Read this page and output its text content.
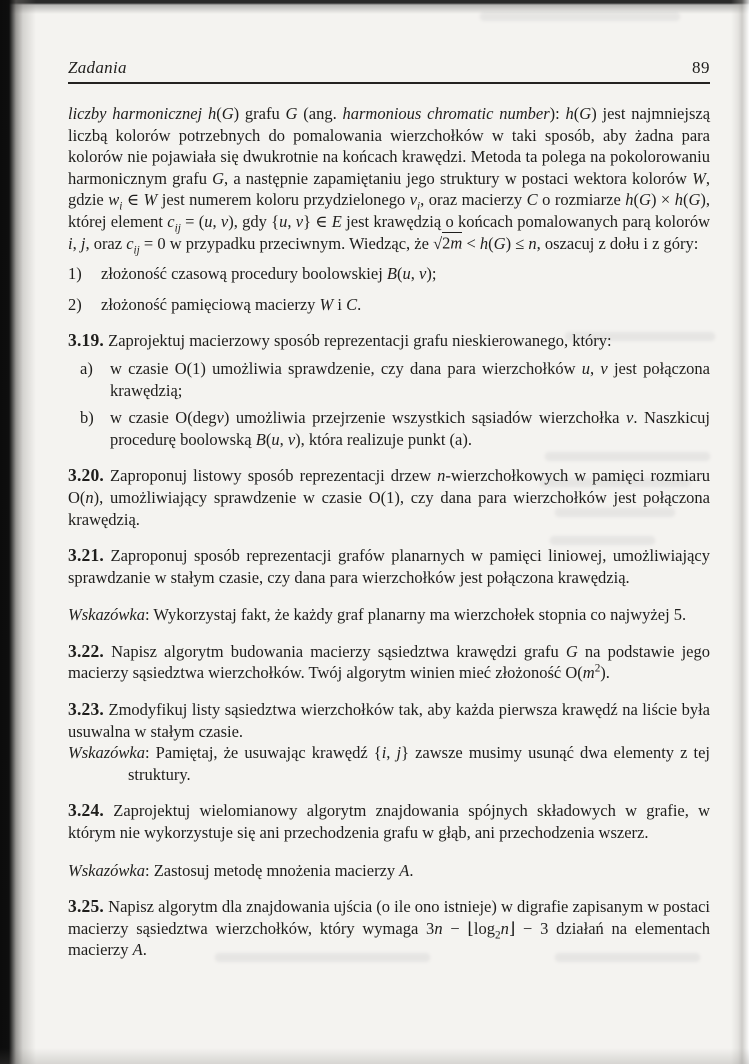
Zadania	89
liczby harmonicznej h(G) grafu G (ang. harmonious chromatic number): h(G) jest najmniejszą liczbą kolorów potrzebnych do pomalowania wierzchołków w taki sposób, aby żadna para kolorów nie pojawiała się dwukrotnie na końcach krawędzi. Metoda ta polega na pokolorowaniu harmonicznym grafu G, a następnie zapamiętaniu jego struktury w postaci wektora kolorów W, gdzie $w_i$ ∈ W jest numerem koloru przydzielonego $v_i$, oraz macierzy C o rozmiarze h(G) × h(G), której element $c_{ij} = (u$, v), gdy {u, v} ∈ E jest krawędzią o końcach pomalowanych parą kolorów i, j, oraz $c_{ij} = 0$ w przypadku przeciwnym. Wiedząc, że √2m < h(G) ≤ n, oszacuj z dołu i z góry:
1) złożoność czasową procedury boolowskiej B(u, v);
2) złożoność pamięciową macierzy W i C.
3.19. Zaprojektuj macierzowy sposób reprezentacji grafu nieskierowanego, który:
a) w czasie O(1) umożliwia sprawdzenie, czy dana para wierzchołków u, v jest połączona krawędzią;
b) w czasie O(degv) umożliwia przejrzenie wszystkich sąsiadów wierzchołka v. Naszkicuj procedurę boolowską B(u, v), która realizuje punkt (a).
3.20. Zaproponuj listowy sposób reprezentacji drzew n-wierzchołkowych w pamięci rozmiaru O(n), umożliwiający sprawdzenie w czasie O(1), czy dana para wierzchołków jest połączona krawędzią.
3.21. Zaproponuj sposób reprezentacji grafów planarnych w pamięci liniowej, umożliwiający sprawdzanie w stałym czasie, czy dana para wierzchołków jest połączona krawędzią.
Wskazówka: Wykorzystaj fakt, że każdy graf planarny ma wierzchołek stopnia co najwyżej 5.
3.22. Napisz algorytm budowania macierzy sąsiedztwa krawędzi grafu G na podstawie jego macierzy sąsiedztwa wierzchołków. Twój algorytm winien mieć złożoność $O(m^2)$.
3.23. Zmodyfikuj listy sąsiedztwa wierzchołków tak, aby każda pierwsza krawędź na liście była usuwalna w stałym czasie.
Wskazówka: Pamiętaj, że usuwając krawędź {i, j} zawsze musimy usunąć dwa elementy z tej struktury.
3.24. Zaprojektuj wielomianowy algorytm znajdowania spójnych składowych w grafie, w którym nie wykorzystuje się ani przechodzenia grafu w głąb, ani przechodzenia wszerz.
Wskazówka: Zastosuj metodę mnożenia macierzy A.
3.25. Napisz algorytm dla znajdowania ujścia (o ile ono istnieje) w digrafie zapisanym w postaci macierzy sąsiedztwa wierzchołków, który wymaga $3n - ⌊\log_2n⌋ - 3$ działań na elementach macierzy A.
